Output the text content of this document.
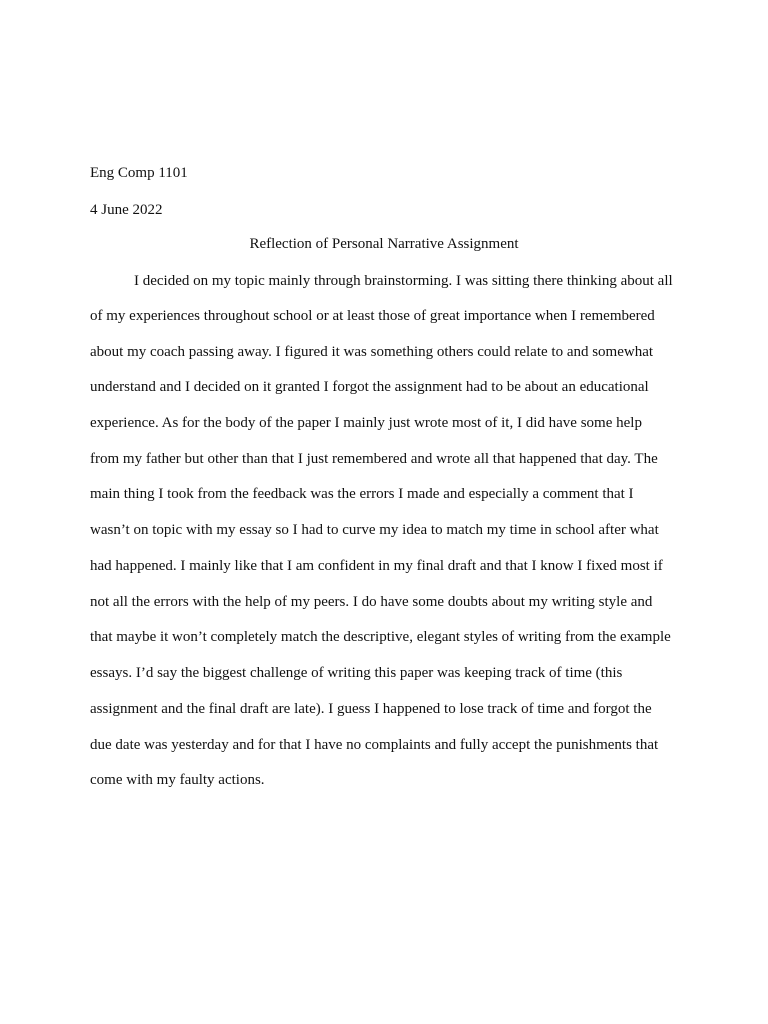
Eng Comp 1101
4 June 2022
Reflection of Personal Narrative Assignment
I decided on my topic mainly through brainstorming. I was sitting there thinking about all
of my experiences throughout school or at least those of great importance when I remembered
about my coach passing away. I figured it was something others could relate to and somewhat
understand and I decided on it granted I forgot the assignment had to be about an educational
experience. As for the body of the paper I mainly just wrote most of it, I did have some help
from my father but other than that I just remembered and wrote all that happened that day. The
main thing I took from the feedback was the errors I made and especially a comment that I
wasn’t on topic with my essay so I had to curve my idea to match my time in school after what
had happened. I mainly like that I am confident in my final draft and that I know I fixed most if
not all the errors with the help of my peers. I do have some doubts about my writing style and
that maybe it won’t completely match the descriptive, elegant styles of writing from the example
essays. I’d say the biggest challenge of writing this paper was keeping track of time (this
assignment and the final draft are late). I guess I happened to lose track of time and forgot the
due date was yesterday and for that I have no complaints and fully accept the punishments that
come with my faulty actions.
